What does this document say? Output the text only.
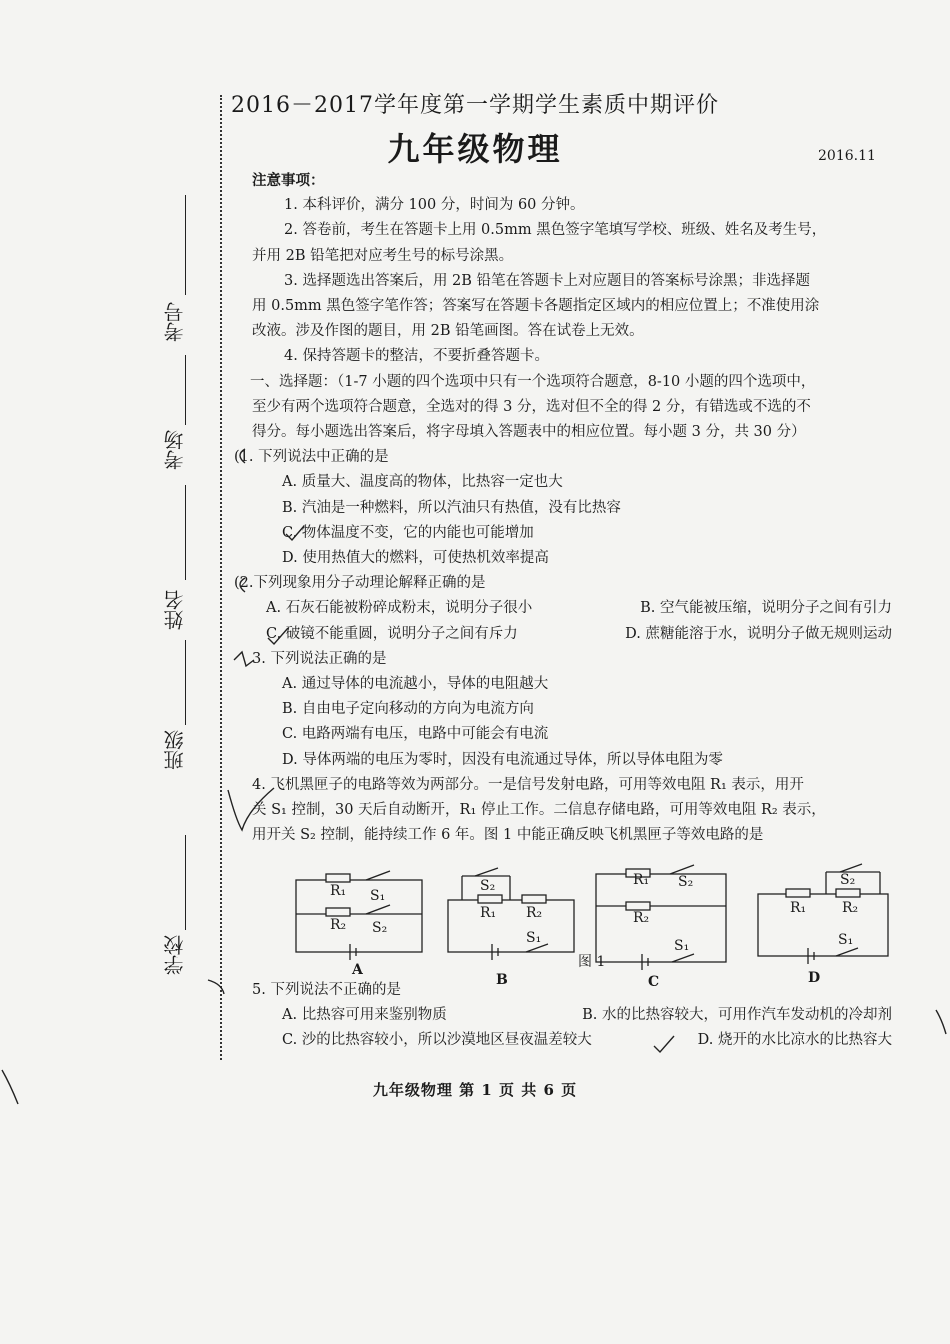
2016－2017学年度第一学期学生素质中期评价
九年级物理	2016.11
学校
班级
姓名
考场
考号
注意事项：
1. 本科评价，满分 100 分，时间为 60 分钟。
2. 答卷前，考生在答题卡上用 0.5mm 黑色签字笔填写学校、班级、姓名及考生号，
并用 2B 铅笔把对应考生号的标号涂黑。
3. 选择题选出答案后，用 2B 铅笔在答题卡上对应题目的答案标号涂黑；非选择题
用 0.5mm 黑色签字笔作答；答案写在答题卡各题指定区域内的相应位置上；不准使用涂
改液。涉及作图的题目，用 2B 铅笔画图。答在试卷上无效。
4. 保持答题卡的整洁，不要折叠答题卡。
一、选择题：（1-7 小题的四个选项中只有一个选项符合题意，8-10 小题的四个选项中，
至少有两个选项符合题意，全选对的得 3 分，选对但不全的得 2 分，有错选或不选的不
得分。每小题选出答案后，将字母填入答题表中的相应位置。每小题 3 分，共 30 分）
(1. 下列说法中正确的是
A. 质量大、温度高的物体，比热容一定也大
B. 汽油是一种燃料，所以汽油只有热值，没有比热容
C. 物体温度不变，它的内能也可能增加
D. 使用热值大的燃料，可使热机效率提高
(2.下列现象用分子动理论解释正确的是
A. 石灰石能被粉碎成粉末，说明分子很小	B. 空气能被压缩，说明分子之间有引力
C. 破镜不能重圆，说明分子之间有斥力	D. 蔗糖能溶于水，说明分子做无规则运动
3. 下列说法正确的是
A. 通过导体的电流越小，导体的电阻越大
B. 自由电子定向移动的方向为电流方向
C. 电路两端有电压，电路中可能会有电流
D. 导体两端的电压为零时，因没有电流通过导体，所以导体电阻为零
4. 飞机黑匣子的电路等效为两部分。一是信号发射电路，可用等效电阻 R₁ 表示，用开
关 S₁ 控制，30 天后自动断开，R₁ 停止工作。二信息存储电路，可用等效电阻 R₂ 表示，
用开关 S₂ 控制，能持续工作 6 年。图 1 中能正确反映飞机黑匣子等效电路的是
R₁ S₁
R₂ S₂
S₂
R₁ R₂
S₁
R₁ S₂
R₂
S₁
R₁
S₂
R₂
S₁
A
B	C	D
图 1
5. 下列说法不正确的是
A. 比热容可用来鉴别物质	B. 水的比热容较大，可用作汽车发动机的冷却剂
C. 沙的比热容较小，所以沙漠地区昼夜温差较大	D. 烧开的水比凉水的比热容大
九年级物理 第 1 页 共 6 页
